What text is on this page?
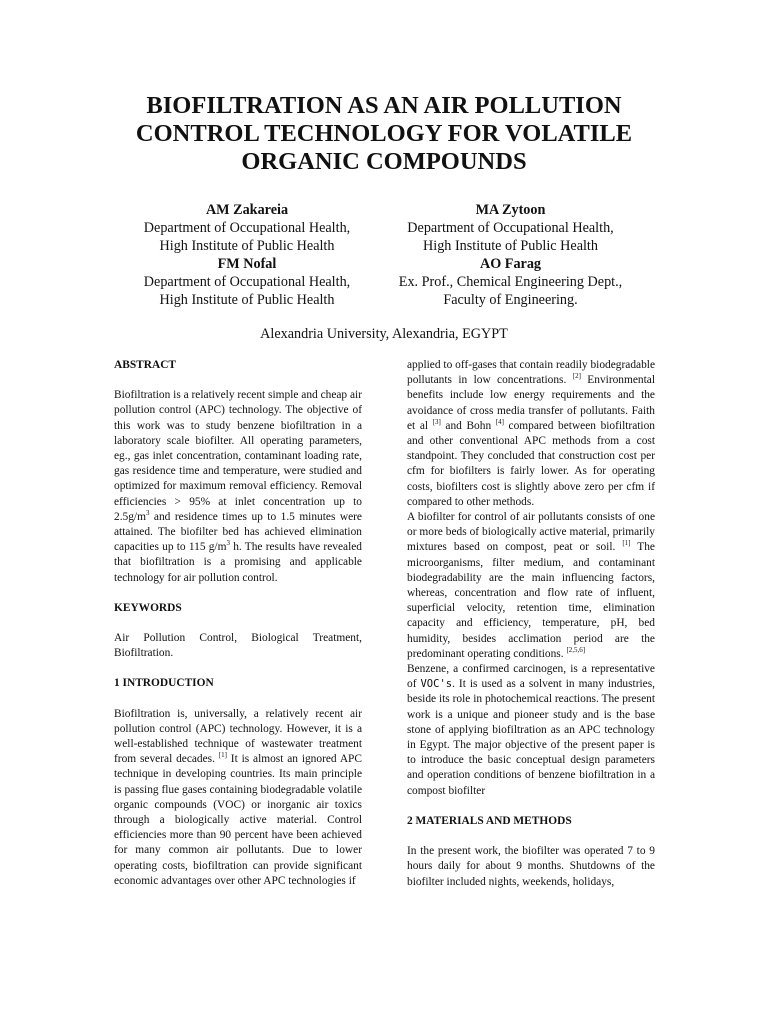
BIOFILTRATION AS AN AIR POLLUTION
CONTROL TECHNOLOGY FOR VOLATILE
ORGANIC COMPOUNDS
AM Zakareia
Department of Occupational Health,
High Institute of Public Health
FM Nofal
Department of Occupational Health,
High Institute of Public Health
MA Zytoon
Department of Occupational Health,
High Institute of Public Health
AO Farag
Ex. Prof., Chemical Engineering Dept.,
Faculty of Engineering.
Alexandria University, Alexandria, EGYPT
ABSTRACT

Biofiltration is a relatively recent simple and cheap air pollution control (APC) technology. The objective of this work was to study benzene biofiltration in a laboratory scale biofilter. All operating parameters, eg., gas inlet concentration, contaminant loading rate, gas residence time and temperature, were studied and optimized for maximum removal efficiency. Removal efficiencies > 95% at inlet concentration up to $2.5g/m^3$ and residence times up to 1.5 minutes were attained. The biofilter bed has achieved elimination capacities up to 115 $g/m^3$ h. The results have revealed that biofiltration is a promising and applicable technology for air pollution control.

KEYWORDS

Air Pollution Control, Biological Treatment, Biofiltration.

1 INTRODUCTION

Biofiltration is, universally, a relatively recent air pollution control (APC) technology. However, it is a well-established technique of wastewater treatment from several decades. [1] It is almost an ignored APC technique in developing countries. Its main principle is passing flue gases containing biodegradable volatile organic compounds (VOC) or inorganic air toxics through a biologically active material. Control efficiencies more than 90 percent have been achieved for many common air pollutants. Due to lower operating costs, biofiltration can provide significant economic advantages over other APC technologies if

applied to off-gases that contain readily biodegradable pollutants in low concentrations. [2] Environmental benefits include low energy requirements and the avoidance of cross media transfer of pollutants. Faith et al [3] and Bohn [4] compared between biofiltration and other conventional APC methods from a cost standpoint. They concluded that construction cost per cfm for biofilters is fairly lower. As for operating costs, biofilters cost is slightly above zero per cfm if compared to other methods.

A biofilter for control of air pollutants consists of one or more beds of biologically active material, primarily mixtures based on compost, peat or soil. [1] The microorganisms, filter medium, and contaminant biodegradability are the main influencing factors, whereas, concentration and flow rate of influent, superficial velocity, retention time, elimination capacity and efficiency, temperature, pH, bed humidity, besides acclimation period are the predominant operating conditions. [2,5,6]

Benzene, a confirmed carcinogen, is a representative of VOC's. It is used as a solvent in many industries, beside its role in photochemical reactions. The present work is a unique and pioneer study and is the base stone of applying biofiltration as an APC technology in Egypt. The major objective of the present paper is to introduce the basic conceptual design parameters and operation conditions of benzene biofiltration in a compost biofilter

2 MATERIALS AND METHODS

In the present work, the biofilter was operated 7 to 9 hours daily for about 9 months. Shutdowns of the biofilter included nights, weekends, holidays,
